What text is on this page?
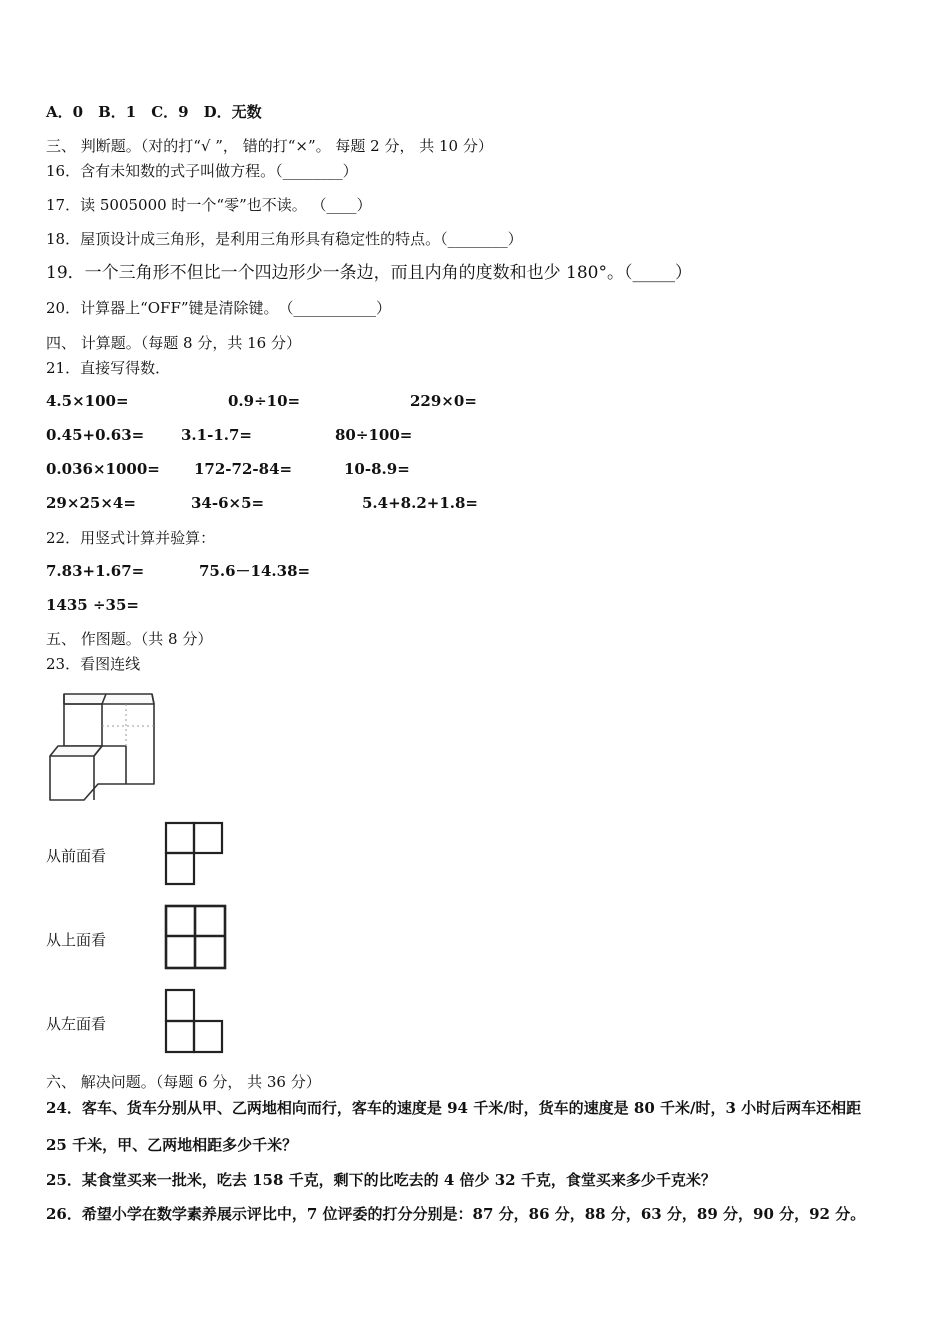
A．0　B．1　C．9　D．无数
三、 判断题。（对的打“√ ”， 错的打“×”。 每题 2 分， 共 10 分）
16．含有未知数的式子叫做方程。（________）
17．读 5005000 时一个“零”也不读。 （____）
18．屋顶设计成三角形，是利用三角形具有稳定性的特点。（________）
19．一个三角形不但比一个四边形少一条边，而且内角的度数和也少 180°。（_____）
20．计算器上“OFF”键是清除键。　（___________）
四、 计算题。（每题 8 分，共 16 分）
21．直接写得数．
4.5×100=	0.9÷10=	229×0=
0.45+0.63= 3.1-1.7=	80÷100=
0.036×1000= 172-72-84=	10-8.9=
29×25×4=	34-6×5=	5.4+8.2+1.8=
22．用竖式计算并验算：
7.83+1.67=	75.6－14.38=
1435 ÷35=
五、 作图题。（共 8 分）
23．看图连线
从前面看
从上面看
从左面看
六、 解决问题。（每题 6 分， 共 36 分）
24．客车、货车分别从甲、乙两地相向而行，客车的速度是 94 千米/时，货车的速度是 80 千米/时，3 小时后两车还相距
25 千米，甲、乙两地相距多少千米？
25．某食堂买来一批米，吃去 158 千克，剩下的比吃去的 4 倍少 32 千克，食堂买来多少千克米？
26．希望小学在数学素养展示评比中，7 位评委的打分分别是：87 分，86 分，88 分，63 分，89 分，90 分，92 分。
